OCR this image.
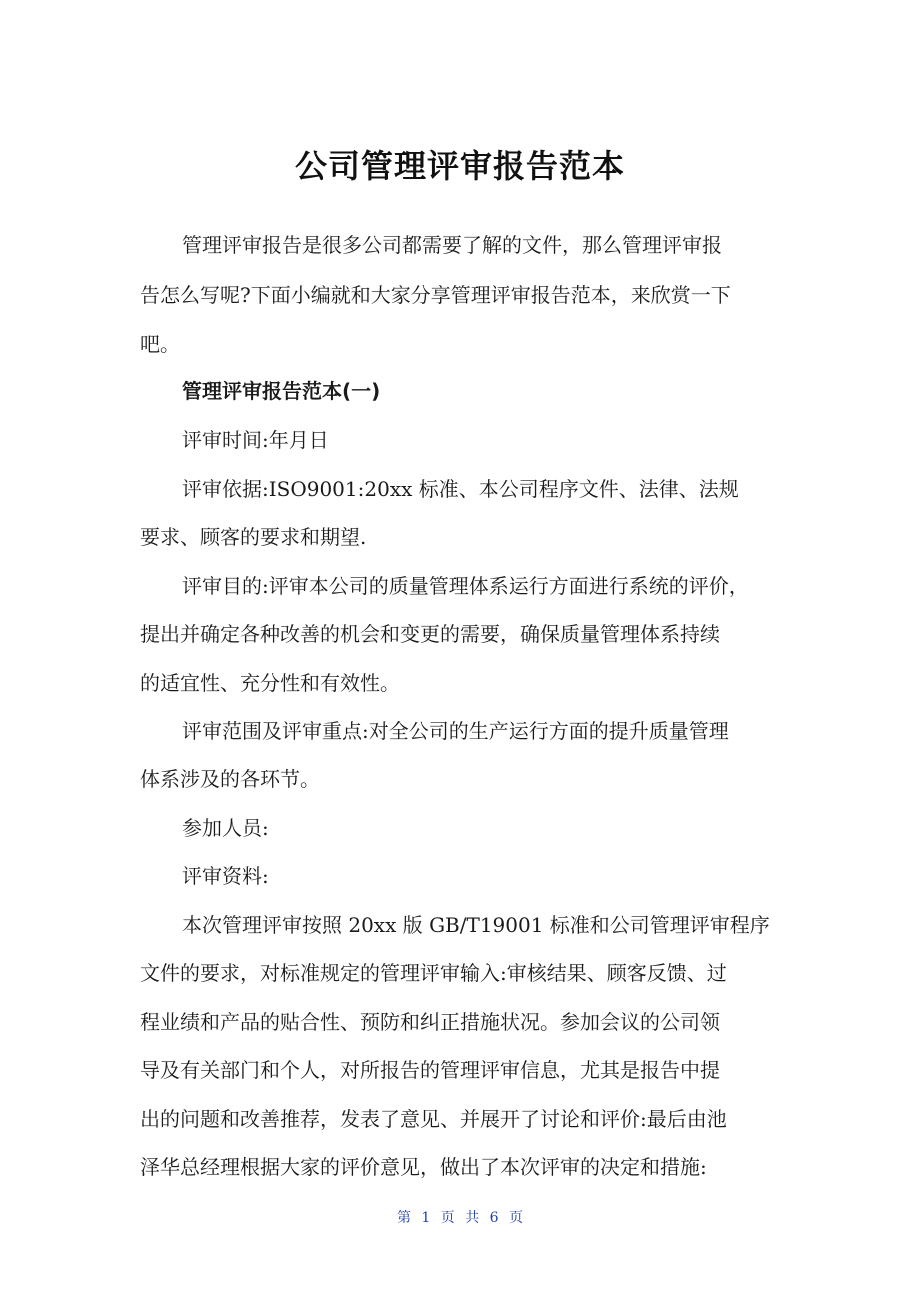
公司管理评审报告范本
管理评审报告是很多公司都需要了解的文件，那么管理评审报
告怎么写呢?下面小编就和大家分享管理评审报告范本，来欣赏一下
吧。
管理评审报告范本(一)
评审时间:年月日
评审依据:ISO9001:20xx 标准、本公司程序文件、法律、法规
要求、顾客的要求和期望.
评审目的:评审本公司的质量管理体系运行方面进行系统的评价，
提出并确定各种改善的机会和变更的需要，确保质量管理体系持续
的适宜性、充分性和有效性。
评审范围及评审重点:对全公司的生产运行方面的提升质量管理
体系涉及的各环节。
参加人员:
评审资料:
本次管理评审按照 20xx 版 GB/T19001 标准和公司管理评审程序
文件的要求，对标准规定的管理评审输入:审核结果、顾客反馈、过
程业绩和产品的贴合性、预防和纠正措施状况。参加会议的公司领
导及有关部门和个人，对所报告的管理评审信息，尤其是报告中提
出的问题和改善推荐，发表了意见、并展开了讨论和评价:最后由池
泽华总经理根据大家的评价意见，做出了本次评审的决定和措施:
第 1 页 共 6 页
